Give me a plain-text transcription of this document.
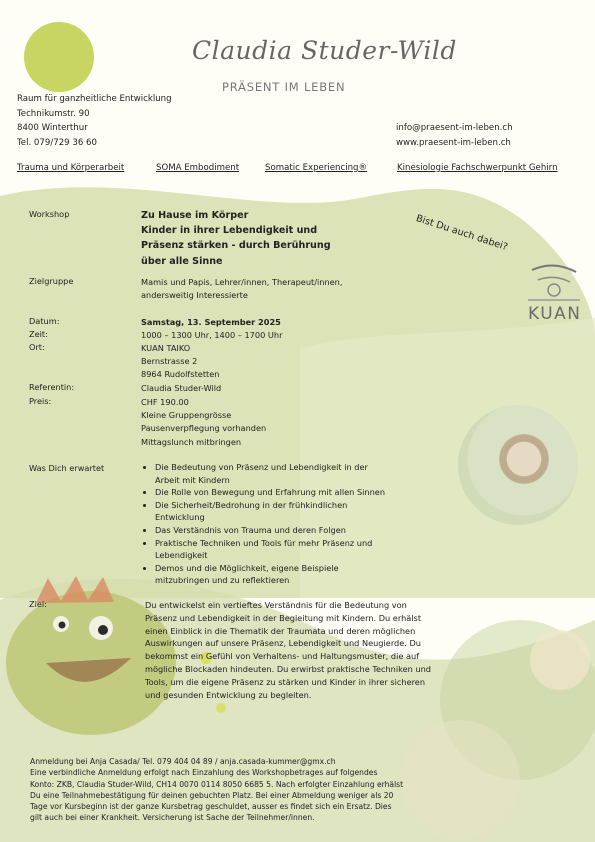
Claudia Studer-Wild
PRÄSENT IM LEBEN
Raum für ganzheitliche Entwicklung
Technikumstr. 90
8400 Winterthur
Tel. 079/729 36 60
info@praesent-im-leben.ch
www.praesent-im-leben.ch
Trauma und Körperarbeit	SOMA Embodiment	Somatic Experiencing®	Kinesiologie Fachschwerpunkt Gehirn
Workshop	Zu Hause im Körper
Kinder in ihrer Lebendigkeit und
Präsenz stärken - durch Berührung
über alle Sinne
Bist Du auch dabei?
KUAN
Zielgruppe	Mamis und Papis, Lehrer/innen, Therapeut/innen,
andersweitig Interessierte
Datum:	Samstag, 13. September 2025
Zeit:	1000 – 1300 Uhr, 1400 – 1700 Uhr
Ort:	KUAN TAIKO
Bernstrasse 2
8964 Rudolfstetten
Referentin:	Claudia Studer-Wild
Preis:	CHF 190.00
Kleine Gruppengrösse
Pausenverpflegung vorhanden
Mittagslunch mitbringen
Was Dich erwartet
•	Die Bedeutung von Präsenz und Lebendigkeit in der Arbeit mit Kindern
• Die Rolle von Bewegung und Erfahrung mit allen Sinnen
• Die Sicherheit/Bedrohung in der frühkindlichen Entwicklung
• Das Verständnis von Trauma und deren Folgen
• Praktische Techniken und Tools für mehr Präsenz und Lebendigkeit
• Demos und die Möglichkeit, eigene Beispiele mitzubringen und zu reflektieren
Ziel:	Du entwickelst ein vertieftes Verständnis für die Bedeutung von Präsenz und Lebendigkeit in der Begleitung mit Kindern. Du erhälst einen Einblick in die Thematik der Traumata und deren möglichen Auswirkungen auf unsere Präsenz, Lebendigkeit und Neugierde. Du bekommst ein Gefühl von Verhaltens- und Haltungsmuster, die auf mögliche Blockaden hindeuten. Du erwirbst praktische Techniken und Tools, um die eigene Präsenz zu stärken und Kinder in ihrer sicheren und gesunden Entwicklung zu begleiten.
Anmeldung bei Anja Casada/ Tel. 079 404 04 89 / anja.casada-kummer@gmx.ch
Eine verbindliche Anmeldung erfolgt nach Einzahlung des Workshopbetrages auf folgendes
Konto: ZKB, Claudia Studer-Wild, CH14 0070 0114 8050 6685 5. Nach erfolgter Einzahlung erhälst
Du eine Teilnahmebestätigung für deinen gebuchten Platz. Bei einer Abmeldung weniger als 20
Tage vor Kursbeginn ist der ganze Kursbetrag geschuldet, ausser es findet sich ein Ersatz. Dies
gilt auch bei einer Krankheit. Versicherung ist Sache der Teilnehmer/innen.
